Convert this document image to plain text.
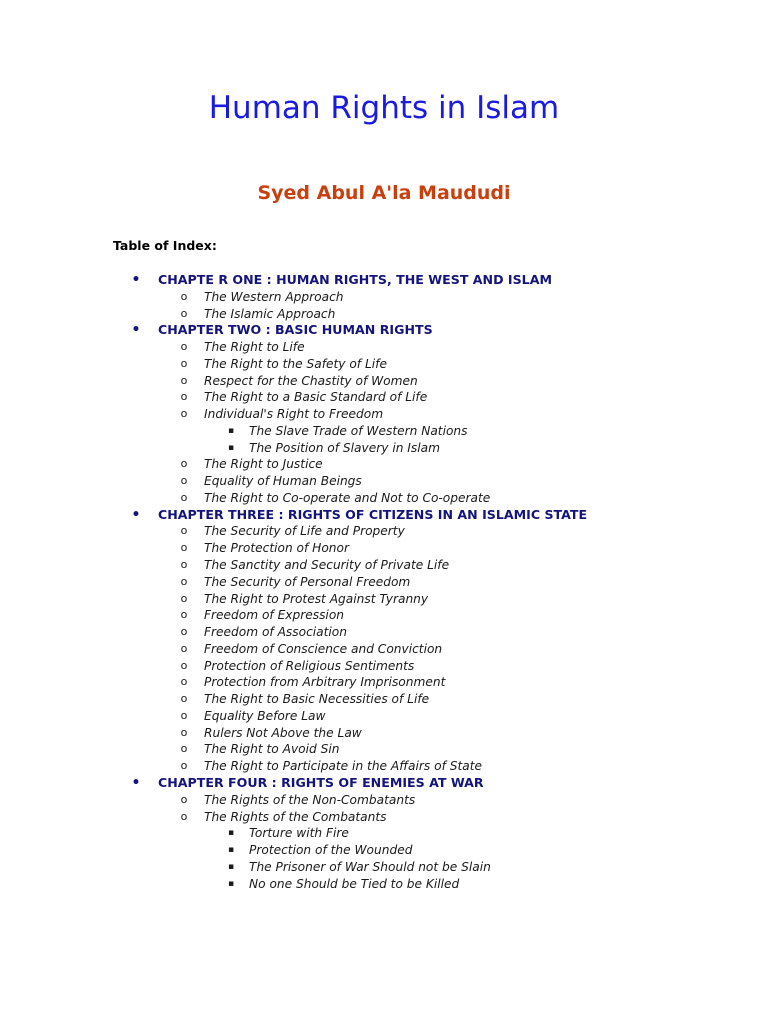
Human Rights in Islam
Syed Abul A'la Maududi
Table of Index:
• CHAPTE R ONE : HUMAN RIGHTS, THE WEST AND ISLAM
o The Western Approach
o The Islamic Approach
• CHAPTER TWO : BASIC HUMAN RIGHTS
o The Right to Life
o The Right to the Safety of Life
o Respect for the Chastity of Women
o The Right to a Basic Standard of Life
o Individual's Right to Freedom
▪ The Slave Trade of Western Nations
▪ The Position of Slavery in Islam
o The Right to Justice
o Equality of Human Beings
o The Right to Co-operate and Not to Co-operate
• CHAPTER THREE : RIGHTS OF CITIZENS IN AN ISLAMIC STATE
o The Security of Life and Property
o The Protection of Honor
o The Sanctity and Security of Private Life
o The Security of Personal Freedom
o The Right to Protest Against Tyranny
o Freedom of Expression
o Freedom of Association
o Freedom of Conscience and Conviction
o Protection of Religious Sentiments
o Protection from Arbitrary Imprisonment
o The Right to Basic Necessities of Life
o Equality Before Law
o Rulers Not Above the Law
o The Right to Avoid Sin
o The Right to Participate in the Affairs of State
• CHAPTER FOUR : RIGHTS OF ENEMIES AT WAR
o The Rights of the Non-Combatants
o The Rights of the Combatants
▪ Torture with Fire
▪ Protection of the Wounded
▪ The Prisoner of War Should not be Slain
▪ No one Should be Tied to be Killed
